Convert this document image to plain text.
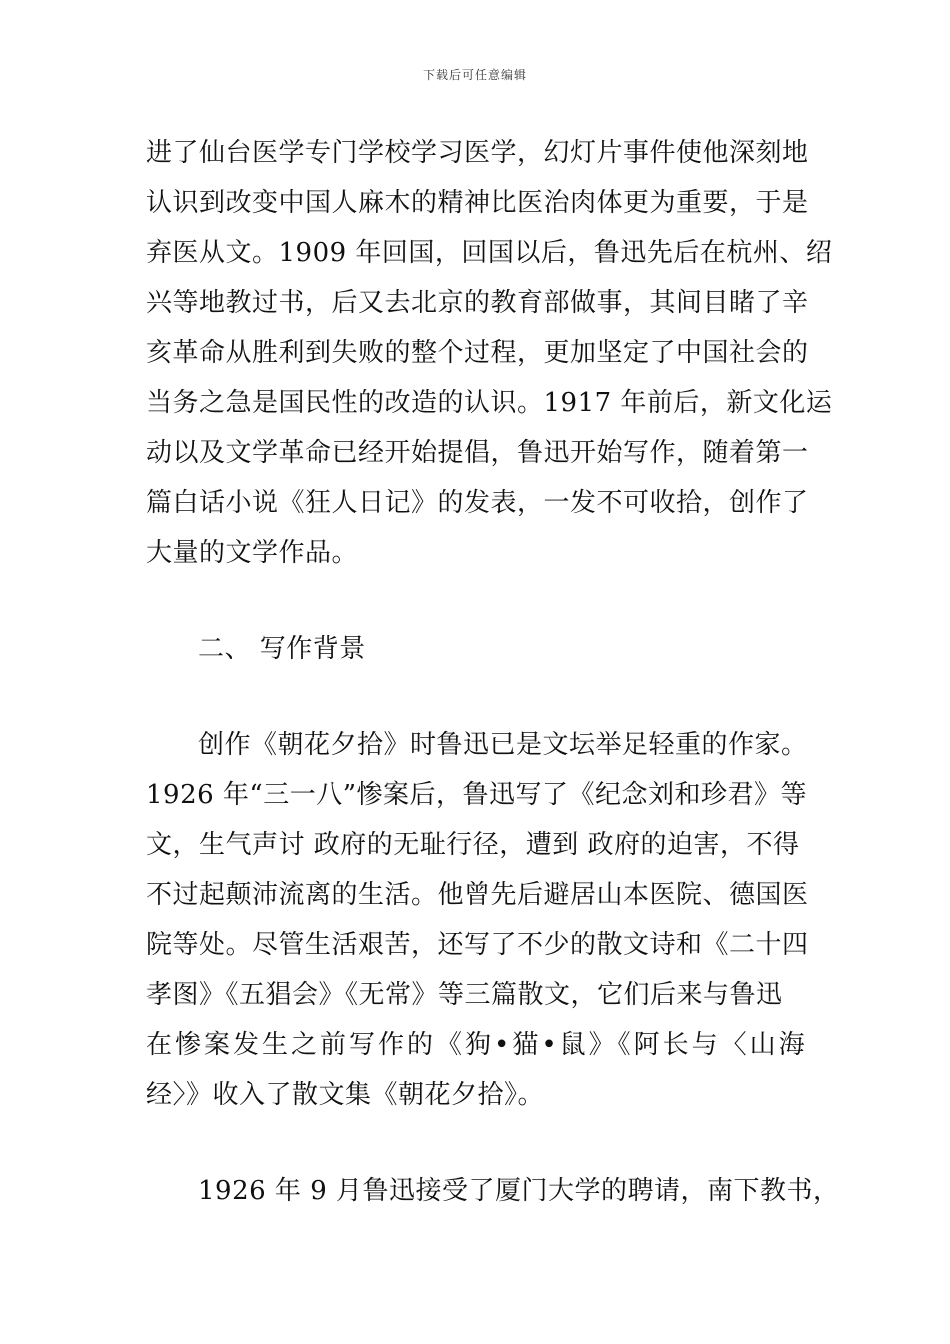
下载后可任意编辑
进了仙台医学专门学校学习医学，幻灯片事件使他深刻地
认识到改变中国人麻木的精神比医治肉体更为重要，于是
弃医从文。1909 年回国，回国以后，鲁迅先后在杭州、绍
兴等地教过书，后又去北京的教育部做事，其间目睹了辛
亥革命从胜利到失败的整个过程，更加坚定了中国社会的
当务之急是国民性的改造的认识。1917 年前后，新文化运
动以及文学革命已经开始提倡，鲁迅开始写作，随着第一
篇白话小说《狂人日记》的发表，一发不可收拾，创作了
大量的文学作品。
二、 写作背景
创作《朝花夕拾》时鲁迅已是文坛举足轻重的作家。
1926 年“三一八”惨案后，鲁迅写了《纪念刘和珍君》等
文，生气声讨 政府的无耻行径，遭到 政府的迫害，不得
不过起颠沛流离的生活。他曾先后避居山本医院、德国医
院等处。尽管生活艰苦，还写了不少的散文诗和《二十四
孝图》《五猖会》《无常》等三篇散文，它们后来与鲁迅
在惨案发生之前写作的《狗•猫•鼠》《阿长与〈山海
经〉》收入了散文集《朝花夕拾》。
1926 年 9 月鲁迅接受了厦门大学的聘请，南下教书，
